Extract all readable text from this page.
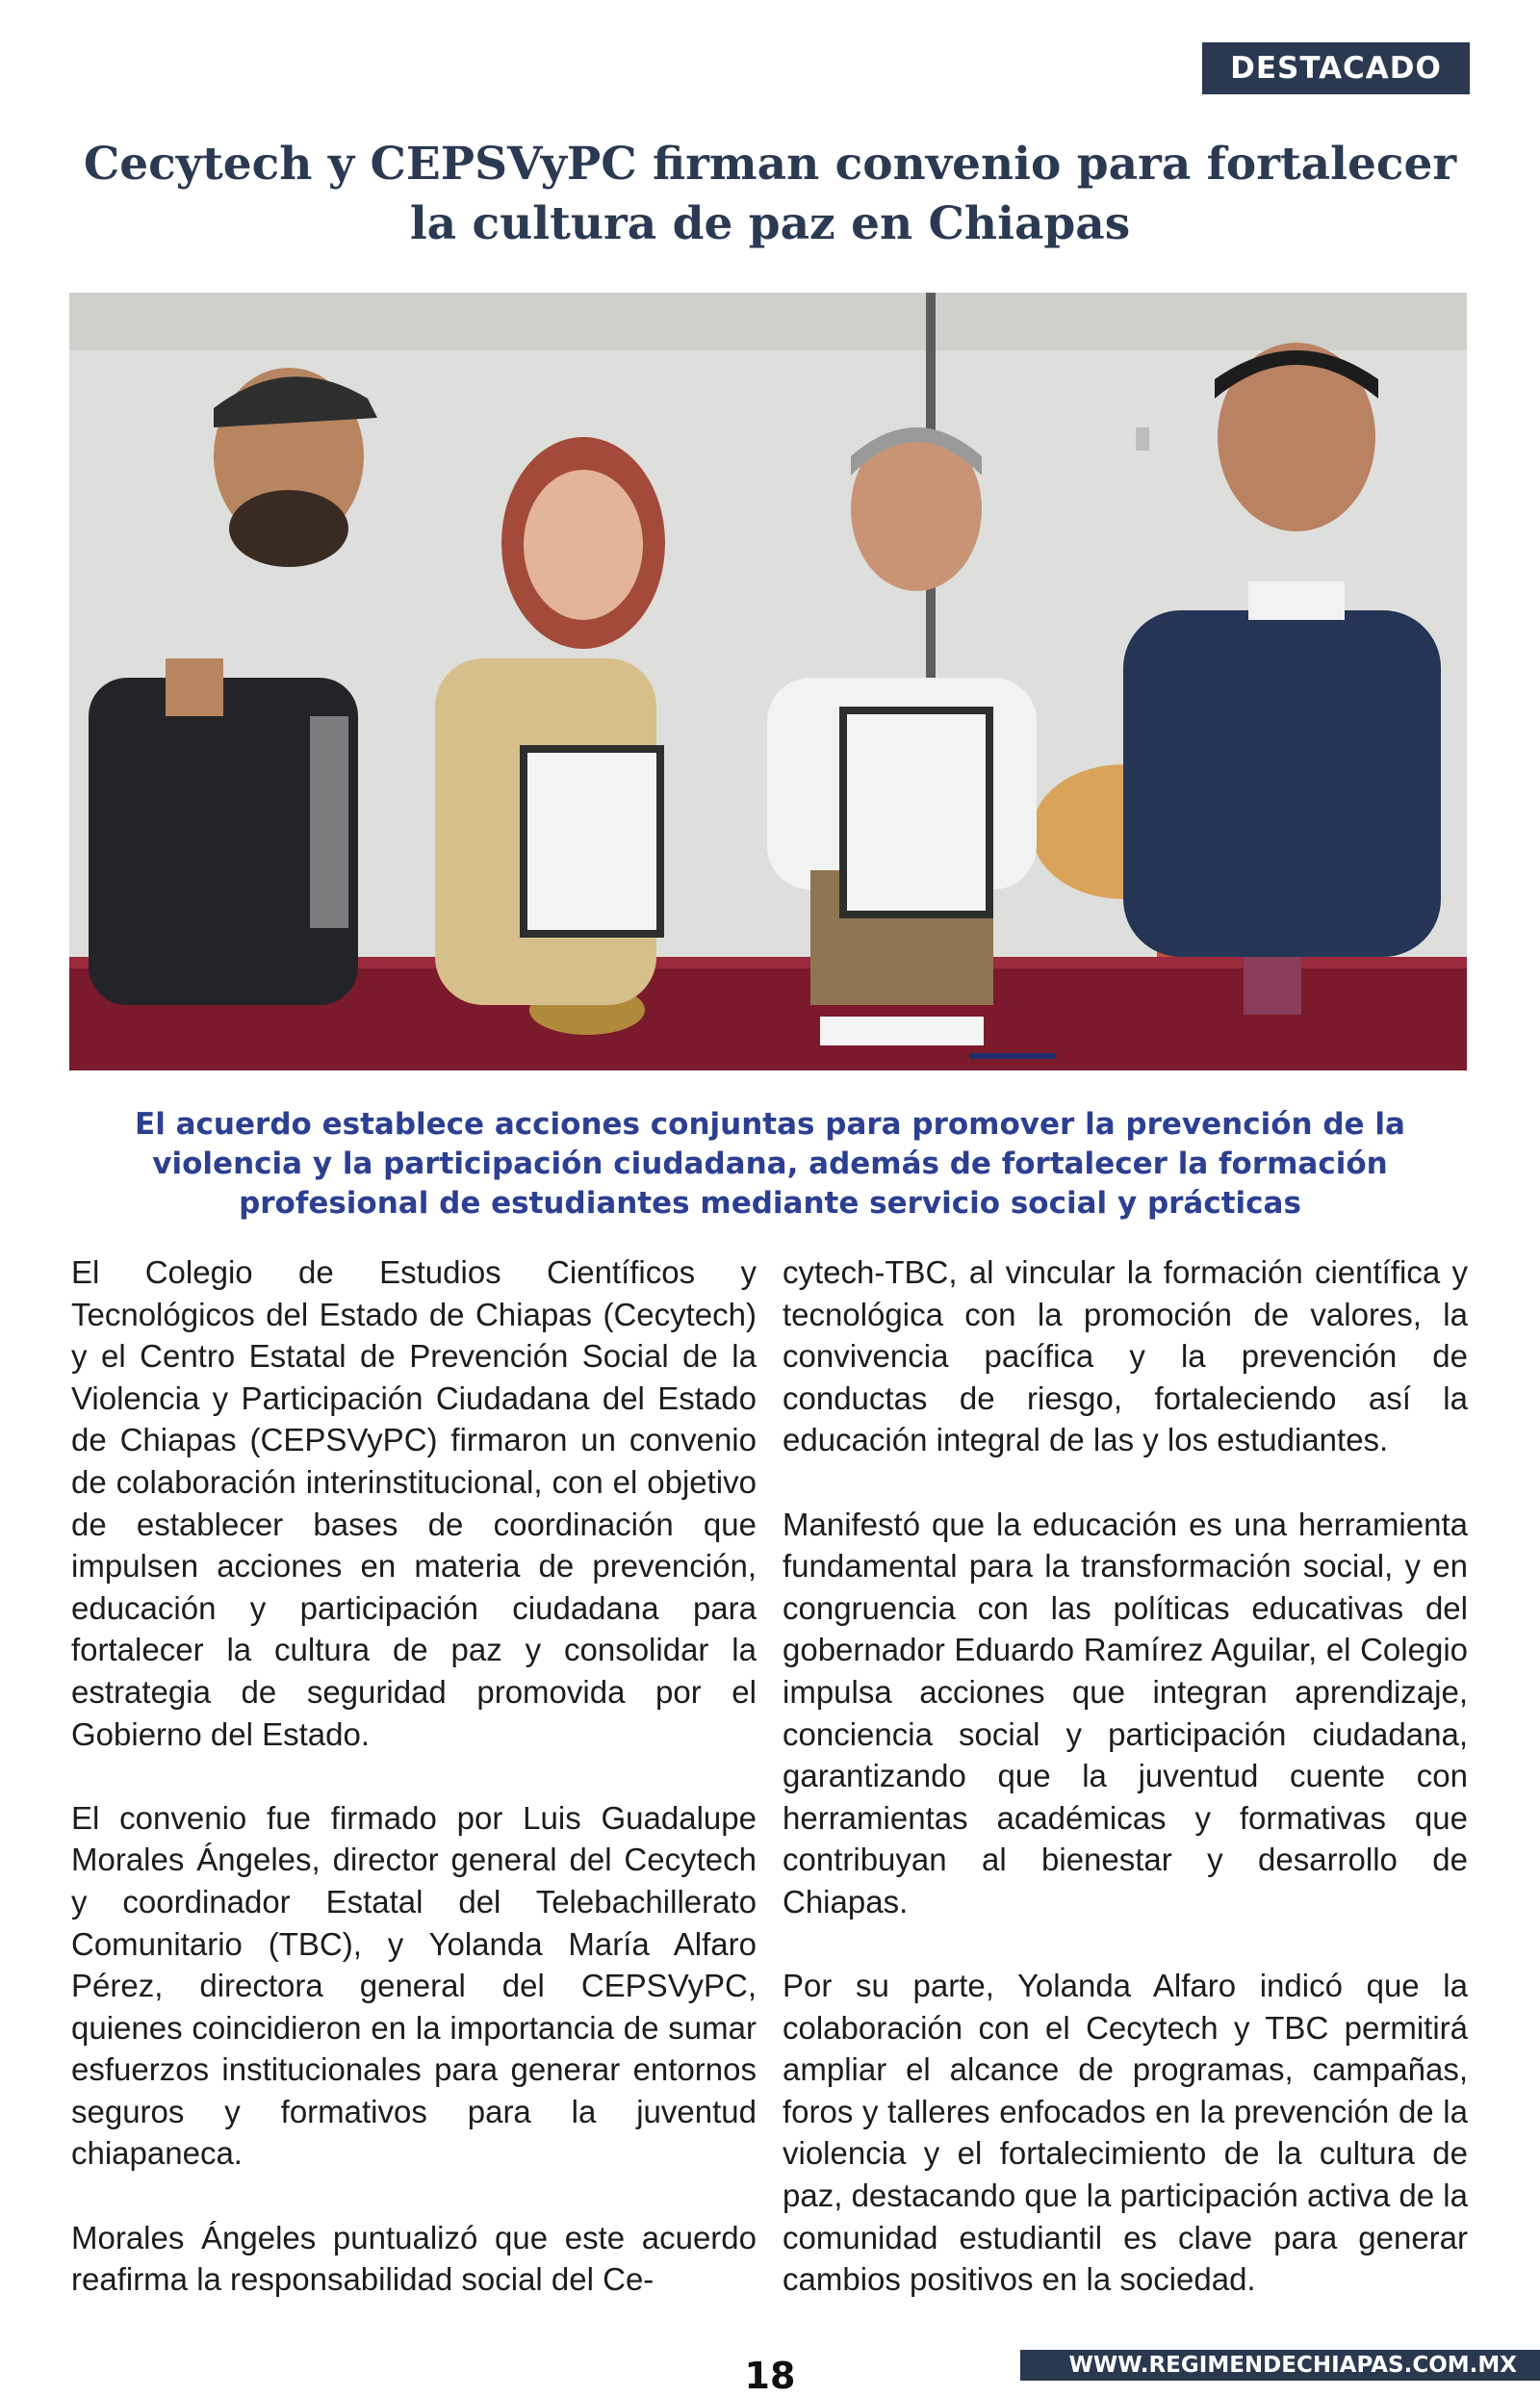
DESTACADO
Cecytech y CEPSVyPC firman convenio para fortalecer la cultura de paz en Chiapas

El acuerdo establece acciones conjuntas para promover la prevención de la violencia y la participación ciudadana, además de fortalecer la formación profesional de estudiantes mediante servicio social y prácticas

El Colegio de Estudios Científicos y Tecnológicos del Estado de Chiapas (Cecytech) y el Centro Estatal de Prevención Social de la Violencia y Participación Ciudadana del Estado de Chiapas (CEPSVyPC) firmaron un convenio de colaboración interinstitucional, con el objetivo de establecer bases de coordinación que impulsen acciones en materia de prevención, educación y participación ciudadana para fortalecer la cultura de paz y consolidar la estrategia de seguridad promovida por el Gobierno del Estado.

El convenio fue firmado por Luis Guadalupe Morales Ángeles, director general del Cecytech y coordinador Estatal del Telebachillerato Comunitario (TBC), y Yolanda María Alfaro Pérez, directora general del CEPSVyPC, quienes coincidieron en la importancia de sumar esfuerzos institucionales para generar entornos seguros y formativos para la juventud chiapaneca.

Morales Ángeles puntualizó que este acuerdo reafirma la responsabilidad social del Ce-

cytech-TBC, al vincular la formación científica y tecnológica con la promoción de valores, la convivencia pacífica y la prevención de conductas de riesgo, fortaleciendo así la educación integral de las y los estudiantes.

Manifestó que la educación es una herramienta fundamental para la transformación social, y en congruencia con las políticas educativas del gobernador Eduardo Ramírez Aguilar, el Colegio impulsa acciones que integran aprendizaje, conciencia social y participación ciudadana, garantizando que la juventud cuente con herramientas académicas y formativas que contribuyan al bienestar y desarrollo de Chiapas.

Por su parte, Yolanda Alfaro indicó que la colaboración con el Cecytech y TBC permitirá ampliar el alcance de programas, campañas, foros y talleres enfocados en la prevención de la violencia y el fortalecimiento de la cultura de paz, destacando que la participación activa de la comunidad estudiantil es clave para generar cambios positivos en la sociedad.

18	WWW.REGIMENDECHIAPAS.COM.MX
